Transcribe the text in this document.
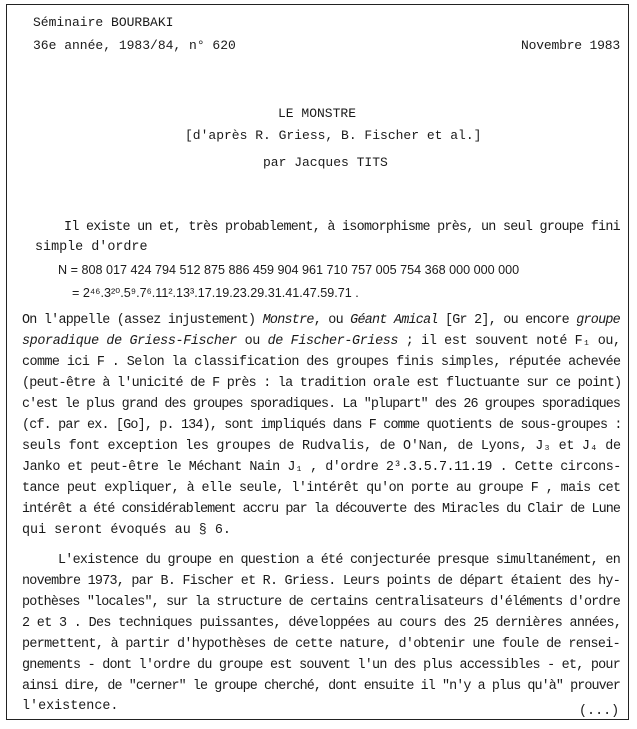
Séminaire BOURBAKI
36e année, 1983/84, n° 620	Novembre 1983
LE MONSTRE
[d'après R. Griess, B. Fischer et al.]
par Jacques TITS
Il existe un et, très probablement, à isomorphisme près, un seul groupe fini
simple d'ordre
N = 808 017 424 794 512 875 886 459 904 961 710 757 005 754 368 000 000 000
= 2⁴⁶.3²⁰.5⁹.7⁶.11².13³.17.19.23.29.31.41.47.59.71 .
On l'appelle (assez injustement) Monstre, ou Géant Amical [Gr 2], ou encore groupe
sporadique de Griess-Fischer ou de Fischer-Griess ; il est souvent noté F₁ ou,
comme ici F . Selon la classification des groupes finis simples, réputée achevée
(peut-être à l'unicité de F près : la tradition orale est fluctuante sur ce point)
c'est le plus grand des groupes sporadiques. La "plupart" des 26 groupes sporadiques
(cf. par ex. [Go], p. 134), sont impliqués dans F comme quotients de sous-groupes :
seuls font exception les groupes de Rudvalis, de O'Nan, de Lyons, J₃ et J₄ de
Janko et peut-être le Méchant Nain J₁ , d'ordre 2³.3.5.7.11.19 . Cette circons-
tance peut expliquer, à elle seule, l'intérêt qu'on porte au groupe F , mais cet
intérêt a été considérablement accru par la découverte des Miracles du Clair de Lune
qui seront évoqués au § 6.
L'existence du groupe en question a été conjecturée presque simultanément, en
novembre 1973, par B. Fischer et R. Griess. Leurs points de départ étaient des hy-
pothèses "locales", sur la structure de certains centralisateurs d'éléments d'ordre
2 et 3 . Des techniques puissantes, développées au cours des 25 dernières années,
permettent, à partir d'hypothèses de cette nature, d'obtenir une foule de rensei-
gnements - dont l'ordre du groupe est souvent l'un des plus accessibles - et, pour
ainsi dire, de "cerner" le groupe cherché, dont ensuite il "n'y a plus qu'à" prouver
l'existence.	(...)
